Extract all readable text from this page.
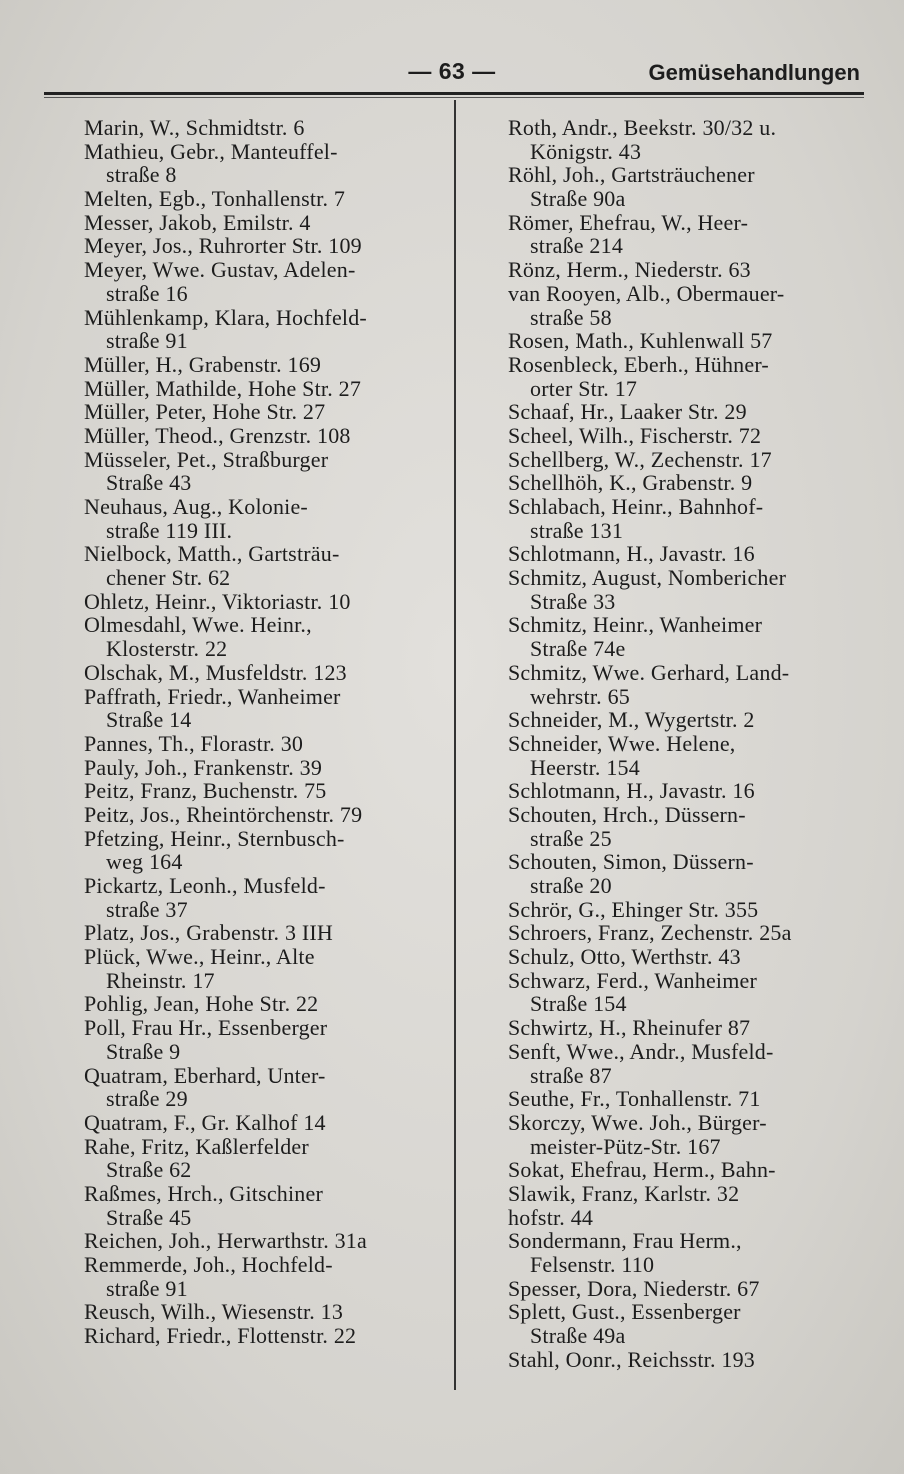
— 63 —	Gemüsehandlungen
Marin, W., Schmidtstr. 6
Mathieu, Gebr., Manteuffel-
straße 8
Melten, Egb., Tonhallenstr. 7
Messer, Jakob, Emilstr. 4
Meyer, Jos., Ruhrorter Str. 109
Meyer, Wwe. Gustav, Adelen-
straße 16
Mühlenkamp, Klara, Hochfeld-
straße 91
Müller, H., Grabenstr. 169
Müller, Mathilde, Hohe Str. 27
Müller, Peter, Hohe Str. 27
Müller, Theod., Grenzstr. 108
Müsseler, Pet., Straßburger
Straße 43
Neuhaus, Aug., Kolonie-
straße 119 III.
Nielbock, Matth., Gartsträu-
chener Str. 62
Ohletz, Heinr., Viktoriastr. 10
Olmesdahl, Wwe. Heinr.,
Klosterstr. 22
Olschak, M., Musfeldstr. 123
Paffrath, Friedr., Wanheimer
Straße 14
Pannes, Th., Florastr. 30
Pauly, Joh., Frankenstr. 39
Peitz, Franz, Buchenstr. 75
Peitz, Jos., Rheintörchenstr. 79
Pfetzing, Heinr., Sternbusch-
weg 164
Pickartz, Leonh., Musfeld-
straße 37
Platz, Jos., Grabenstr. 3 IIH
Plück, Wwe., Heinr., Alte
Rheinstr. 17
Pohlig, Jean, Hohe Str. 22
Poll, Frau Hr., Essenberger
Straße 9
Quatram, Eberhard, Unter-
straße 29
Quatram, F., Gr. Kalhof 14
Rahe, Fritz, Kaßlerfelder
Straße 62
Raßmes, Hrch., Gitschiner
Straße 45
Reichen, Joh., Herwarthstr. 31a
Remmerde, Joh., Hochfeld-
straße 91
Reusch, Wilh., Wiesenstr. 13
Richard, Friedr., Flottenstr. 22
Roth, Andr., Beekstr. 30/32 u.
Königstr. 43
Röhl, Joh., Gartsträuchener
Straße 90a
Römer, Ehefrau, W., Heer-
straße 214
Rönz, Herm., Niederstr. 63
van Rooyen, Alb., Obermauer-
straße 58
Rosen, Math., Kuhlenwall 57
Rosenbleck, Eberh., Hühner-
orter Str. 17
Schaaf, Hr., Laaker Str. 29
Scheel, Wilh., Fischerstr. 72
Schellberg, W., Zechenstr. 17
Schellhöh, K., Grabenstr. 9
Schlabach, Heinr., Bahnhof-
straße 131
Schlotmann, H., Javastr. 16
Schmitz, August, Nombericher
Straße 33
Schmitz, Heinr., Wanheimer
Straße 74e
Schmitz, Wwe. Gerhard, Land-
wehrstr. 65
Schneider, M., Wygertstr. 2
Schneider, Wwe. Helene,
Heerstr. 154
Schlotmann, H., Javastr. 16
Schouten, Hrch., Düssern-
straße 25
Schouten, Simon, Düssern-
straße 20
Schrör, G., Ehinger Str. 355
Schroers, Franz, Zechenstr. 25a
Schulz, Otto, Werthstr. 43
Schwarz, Ferd., Wanheimer
Straße 154
Schwirtz, H., Rheinufer 87
Senft, Wwe., Andr., Musfeld-
straße 87
Seuthe, Fr., Tonhallenstr. 71
Skorczy, Wwe. Joh., Bürger-
meister-Pütz-Str. 167
Sokat, Ehefrau, Herm., Bahn-
Slawik, Franz, Karlstr. 32
hofstr. 44
Sondermann, Frau Herm.,
Felsenstr. 110
Spesser, Dora, Niederstr. 67
Splett, Gust., Essenberger
Straße 49a
Stahl, Oonr., Reichsstr. 193
